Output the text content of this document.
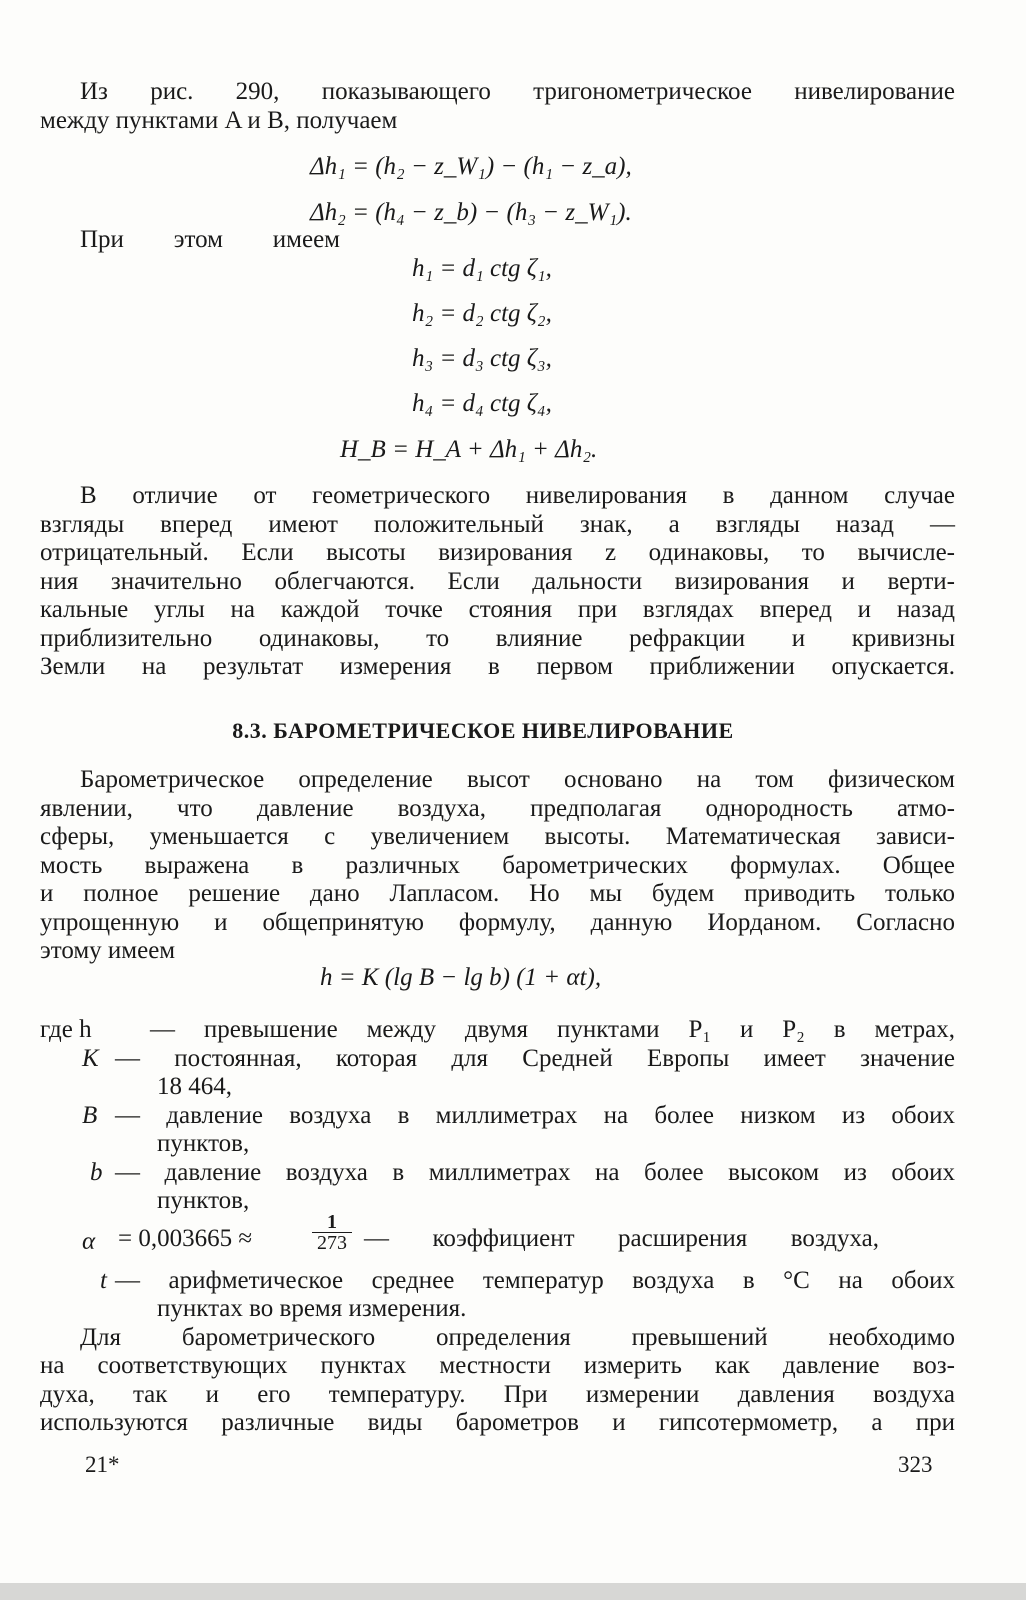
Из рис. 290, показывающего тригонометрическое нивелирование
между пунктами A и B, получаем
Δh₁ = (h₂ − z_W₁) − (h₁ − z_a),
Δh₂ = (h₄ − z_b) − (h₃ − z_W₁).
При этом имеем
h₁ = d₁ ctg ζ₁,
h₂ = d₂ ctg ζ₂,
h₃ = d₃ ctg ζ₃,
h₄ = d₄ ctg ζ₄,
H_B = H_A + Δh₁ + Δh₂.
В отличие от геометрического нивелирования в данном случае
взгляды вперед имеют положительный знак, а взгляды назад —
отрицательный. Если высоты визирования z одинаковы, то вычисле-
ния значительно облегчаются. Если дальности визирования и верти-
кальные углы на каждой точке стояния при взглядах вперед и назад
приблизительно одинаковы, то влияние рефракции и кривизны
Земли на результат измерения в первом приближении опускается.
8.3. БАРОМЕТРИЧЕСКОЕ НИВЕЛИРОВАНИЕ
Барометрическое определение высот основано на том физическом
явлении, что давление воздуха, предполагая однородность атмо-
сферы, уменьшается с увеличением высоты. Математическая зависи-
мость выражена в различных барометрических формулах. Общее
и полное решение дано Лапласом. Но мы будем приводить только
упрощенную и общепринятую формулу, данную Иорданом. Согласно
этому имеем
h = K (lg B − lg b) (1 + αt),
где h — превышение между двумя пунктами P₁ и P₂ в метрах,
K — постоянная, которая для Средней Европы имеет значение
18 464,
B — давление воздуха в миллиметрах на более низком из обоих
пунктов,
b — давление воздуха в миллиметрах на более высоком из обоих
пунктов,
α = 0,003665 ≈	$\frac{1}{273}$ — коэффициент расширения воздуха,
t — арифметическое среднее температур воздуха в °С на обоих
пунктах во время измерения.
Для барометрического определения превышений необходимо
на соответствующих пунктах местности измерить как давление воз-
духа, так и его температуру. При измерении давления воздуха
используются различные виды барометров и гипсотермометр, а при
21*	323
